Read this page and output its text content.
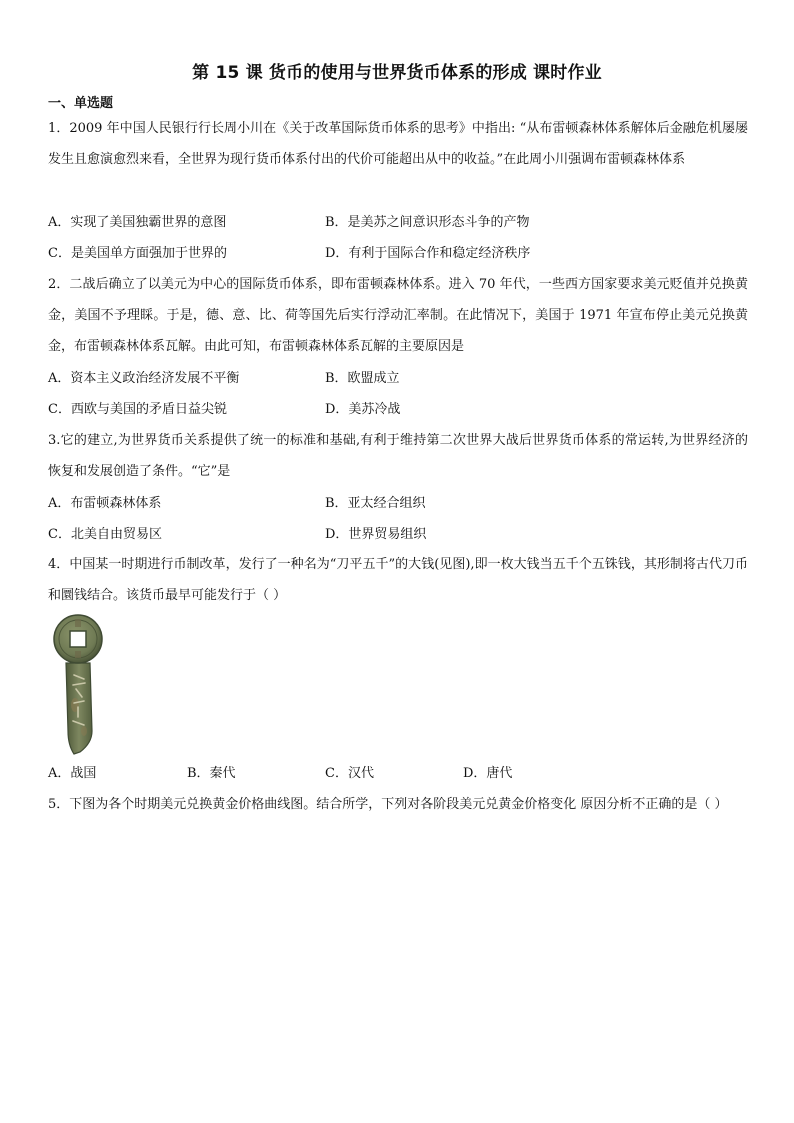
第 15 课 货币的使用与世界货币体系的形成 课时作业
一、单选题
1．2009 年中国人民银行行长周小川在《关于改革国际货币体系的思考》中指出: “从布雷顿森林体系解体后金融危机屡屡发生且愈演愈烈来看，全世界为现行货币体系付出的代价可能超出从中的收益。”在此周小川强调布雷顿森林体系
A．实现了美国独霸世界的意图	B．是美苏之间意识形态斗争的产物
C．是美国单方面强加于世界的	D．有利于国际合作和稳定经济秩序
2．二战后确立了以美元为中心的国际货币体系，即布雷顿森林体系。进入 70 年代，一些西方国家要求美元贬值并兑换黄金，美国不予理睬。于是，德、意、比、荷等国先后实行浮动汇率制。在此情况下，美国于 1971 年宣布停止美元兑换黄金，布雷顿森林体系瓦解。由此可知，布雷顿森林体系瓦解的主要原因是
A．资本主义政治经济发展不平衡	B．欧盟成立
C．西欧与美国的矛盾日益尖锐	D．美苏冷战
3.它的建立,为世界货币关系提供了统一的标准和基础,有利于维持第二次世界大战后世界货币体系的常运转,为世界经济的恢复和发展创造了条件。“它”是
A．布雷顿森林体系	B．亚太经合组织
C．北美自由贸易区	D．世界贸易组织
4．中国某一时期进行币制改革，发行了一种名为“刀平五千”的大钱(见图),即一枚大钱当五千个五铢钱，其形制将古代刀币和圜钱结合。该货币最早可能发行于（ ）
A．战国	B．秦代	C．汉代	D．唐代
5．下图为各个时期美元兑换黄金价格曲线图。结合所学，下列对各阶段美元兑黄金价格变化 原因分析不正确的是（ ）
